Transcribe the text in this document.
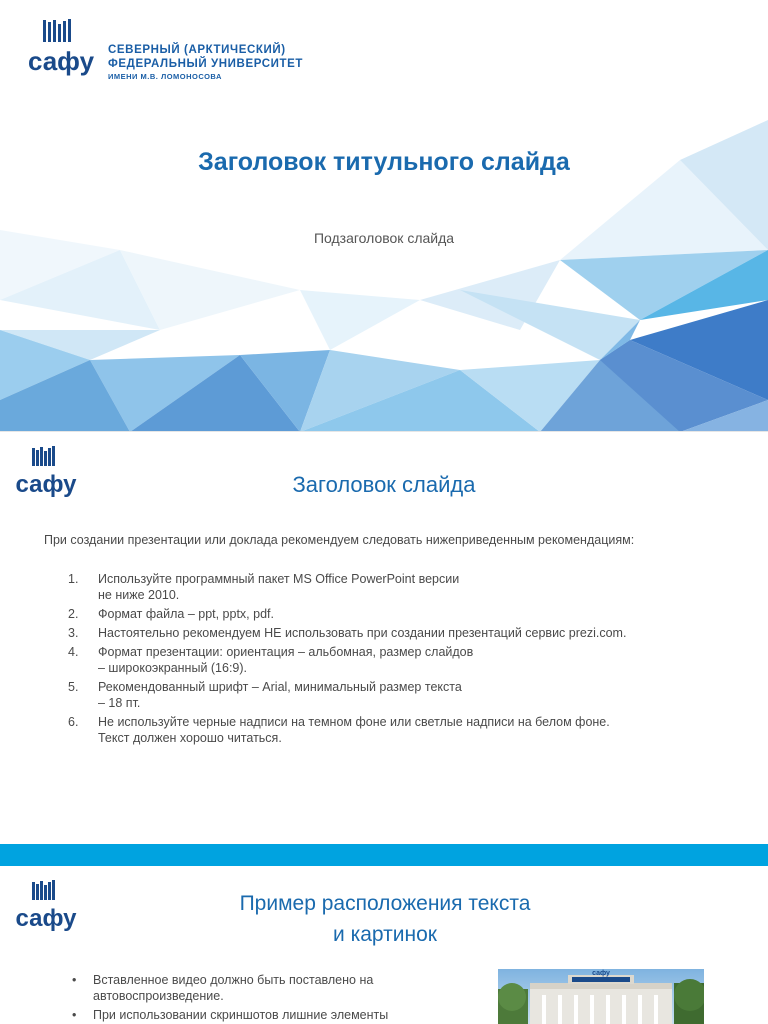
сафу СЕВЕРНЫЙ (АРКТИЧЕСКИЙ)
ФЕДЕРАЛЬНЫЙ УНИВЕРСИТЕТ
ИМЕНИ М.В. ЛОМОНОСОВА
Заголовок титульного слайда
Подзаголовок слайда
сафу	Заголовок слайда
При создании презентации или доклада рекомендуем следовать нижеприведенным рекомендациям:
1. Используйте программный пакет MS Office PowerPoint версии
не ниже 2010.
2. Формат файла – ppt, pptx, pdf.
3. Настоятельно рекомендуем НЕ использовать при создании презентаций сервис prezi.com.
4. Формат презентации: ориентация – альбомная, размер слайдов
– широкоэкранный (16:9).
5. Рекомендованный шрифт – Arial, минимальный размер текста
– 18 пт.
6. Не используйте черные надписи на темном фоне или светлые надписи на белом фоне.
Текст должен хорошо читаться.
сафу
Пример расположения текста
и картинок
• Вставленное видео должно быть поставлено на
автовоспроизведение.
• При использовании скриншотов лишние элементы
сафу
